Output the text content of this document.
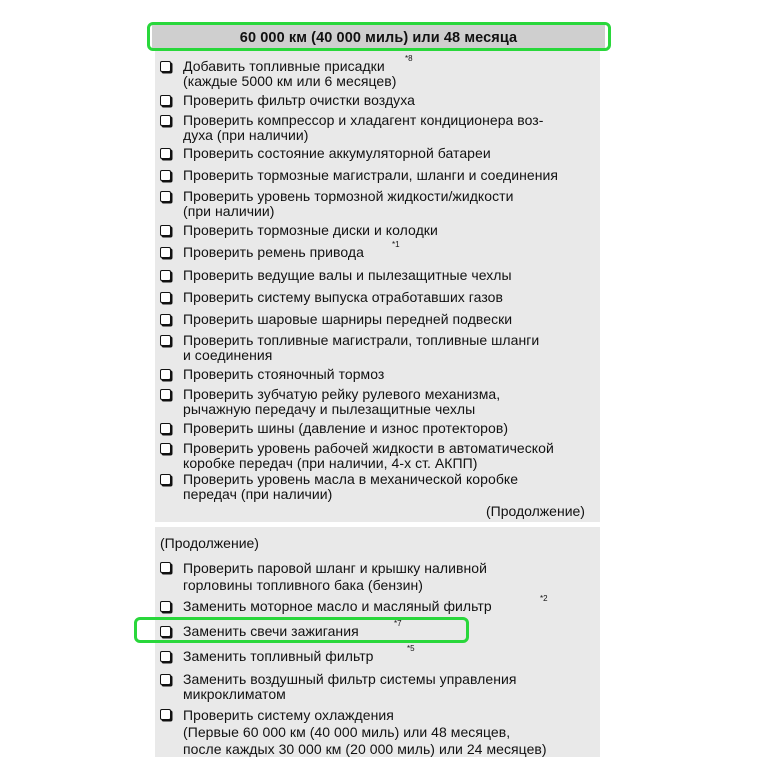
60 000 км (40 000 миль) или 48 месяца
Добавить топливные присадки
(каждые 5000 км или 6 месяцев)
Проверить фильтр очистки воздуха
Проверить компрессор и хладагент кондиционера воз-
духа (при наличии)
Проверить состояние аккумуляторной батареи
Проверить тормозные магистрали, шланги и соединения
Проверить уровень тормозной жидкости/жидкости
(при наличии)
Проверить тормозные диски и колодки
Проверить ремень привода
Проверить ведущие валы и пылезащитные чехлы
Проверить систему выпуска отработавших газов
Проверить шаровые шарниры передней подвески
Проверить топливные магистрали, топливные шланги
и соединения
Проверить стояночный тормоз
Проверить зубчатую рейку рулевого механизма,
рычажную передачу и пылезащитные чехлы
Проверить шины (давление и износ протекторов)
Проверить уровень рабочей жидкости в автоматической
коробке передач (при наличии, 4-х ст. АКПП)
Проверить уровень масла в механической коробке
передач (при наличии)
(Продолжение)
(Продолжение)
Проверить паровой шланг и крышку наливной
горловины топливного бака (бензин)
Заменить моторное масло и масляный фильтр
Заменить свечи зажигания
Заменить топливный фильтр
Заменить воздушный фильтр системы управления
микроклиматом
Проверить систему охлаждения
(Первые 60 000 км (40 000 миль) или 48 месяцев,
после каждых 30 000 км (20 000 миль) или 24 месяцев)
